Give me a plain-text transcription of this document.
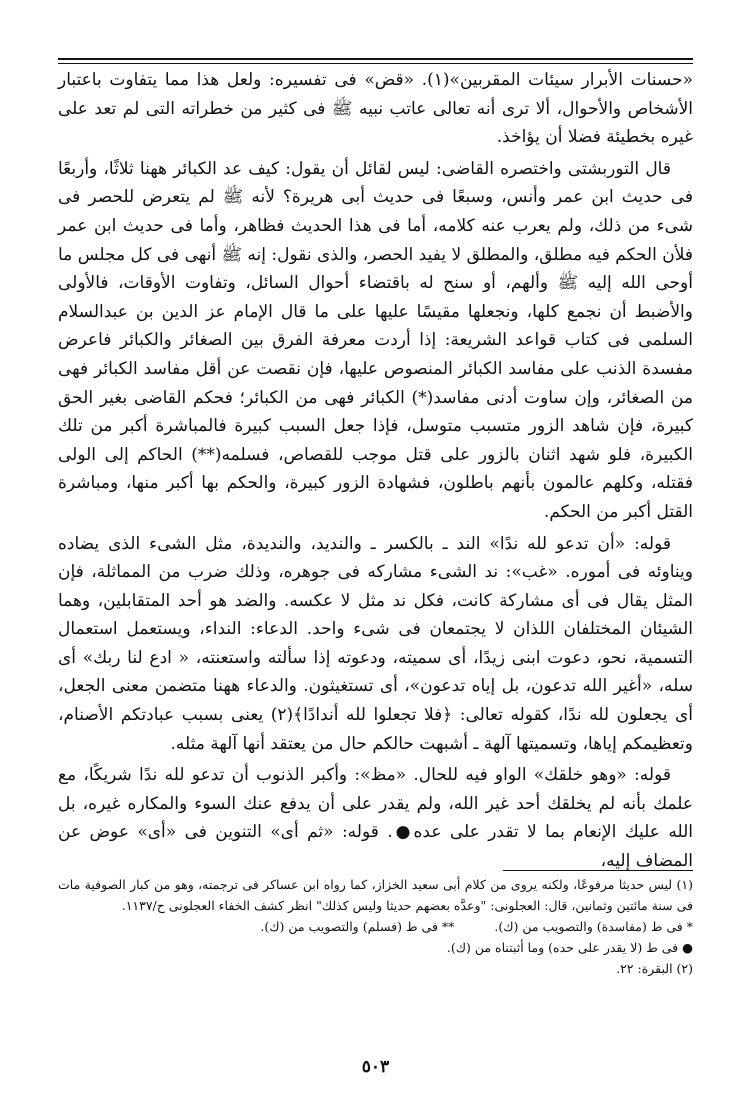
«حسنات الأبرار سيئات المقربين»(١). «قض» فى تفسيره: ولعل هذا مما يتفاوت باعتبار الأشخاص والأحوال، ألا ترى أنه تعالى عاتب نبيه ﷺ فى كثير من خطراته التى لم تعد على غيره بخطيئة فضلا أن يؤاخذ.

قال التوربشتى واختصره القاضى: ليس لقائل أن يقول: كيف عد الكبائر ههنا ثلاثًا، وأربعًا فى حديث ابن عمر وأنس، وسبعًا فى حديث أبى هريرة؟ لأنه ﷺ لم يتعرض للحصر فى شىء من ذلك، ولم يعرب عنه كلامه، أما فى هذا الحديث فظاهر، وأما فى حديث ابن عمر فلأن الحكم فيه مطلق، والمطلق لا يفيد الحصر، والذى نقول: إنه ﷺ أنهى فى كل مجلس ما أوحى الله إليه ﷺ وألهم، أو سنح له باقتضاء أحوال السائل، وتفاوت الأوقات، فالأولى والأضبط أن نجمع كلها، ونجعلها مقيسًا عليها على ما قال الإمام عز الدين بن عبدالسلام السلمى فى كتاب قواعد الشريعة: إذا أردت معرفة الفرق بين الصغائر والكبائر فاعرض مفسدة الذنب على مفاسد الكبائر المنصوص عليها، فإن نقصت عن أقل مفاسد الكبائر فهى من الصغائر، وإن ساوت أدنى مفاسد(*) الكبائر فهى من الكبائر؛ فحكم القاضى بغير الحق كبيرة، فإن شاهد الزور متسبب متوسل، فإذا جعل السبب كبيرة فالمباشرة أكبر من تلك الكبيرة، فلو شهد اثنان بالزور على قتل موجب للقصاص، فسلمه(**) الحاكم إلى الولى فقتله، وكلهم عالمون بأنهم باطلون، فشهادة الزور كبيرة، والحكم بها أكبر منها، ومباشرة القتل أكبر من الحكم.

قوله: «أن تدعو لله ندًا» الند ـ بالكسر ـ والنديد، والنديدة، مثل الشىء الذى يضاده ويناوئه فى أموره. «غب»: ند الشىء مشاركه فى جوهره، وذلك ضرب من المماثلة، فإن المثل يقال فى أى مشاركة كانت، فكل ند مثل لا عكسه. والضد هو أحد المتقابلين، وهما الشيئان المختلفان اللذان لا يجتمعان فى شىء واحد. الدعاء: النداء، ويستعمل استعمال التسمية، نحو، دعوت ابنى زيدًا، أى سميته، ودعوته إذا سألته واستعنته، « ادع لنا ربك» أى سله، «أغير الله تدعون، بل إياه تدعون»، أى تستغيثون. والدعاء ههنا متضمن معنى الجعل، أى يجعلون لله ندًا، كقوله تعالى: ﴿فلا تجعلوا لله أندادًا﴾(٢) يعنى بسبب عبادتكم الأصنام، وتعظيمكم إياها، وتسميتها آلهة ـ أشبهت حالكم حال من يعتقد أنها آلهة مثله.

قوله: «وهو خلقك» الواو فيه للحال. «مظ»: وأكبر الذنوب أن تدعو لله ندًا شريكًا، مع علمك بأنه لم يخلقك أحد غير الله، ولم يقدر على أن يدفع عنك السوء والمكاره غيره، بل الله عليك الإنعام بما لا تقدر على عده●. قوله: «ثم أى» التنوين فى «أى» عوض عن المضاف إليه،

(١) ليس حديثا مرفوعًا، ولكنه يروى من كلام أبى سعيد الخزاز، كما رواه ابن عساكر فى ترجمته، وهو من كبار الصوفية مات فى سنة مائتين وثمانين، قال: العجلونى: "وعدَّه بعضهم حديثا وليس كذلك" انظر كشف الخفاء العجلونى ح/١١٣٧.

* فى ط (مفاسدة) والتصويب من (ك).
** فى ط (فسلم) والتصويب من (ك).

● فى ط (لا يقدر على حده) وما أثبتناه من (ك).

(٢) البقرة: ٢٢.

٥٠٣
